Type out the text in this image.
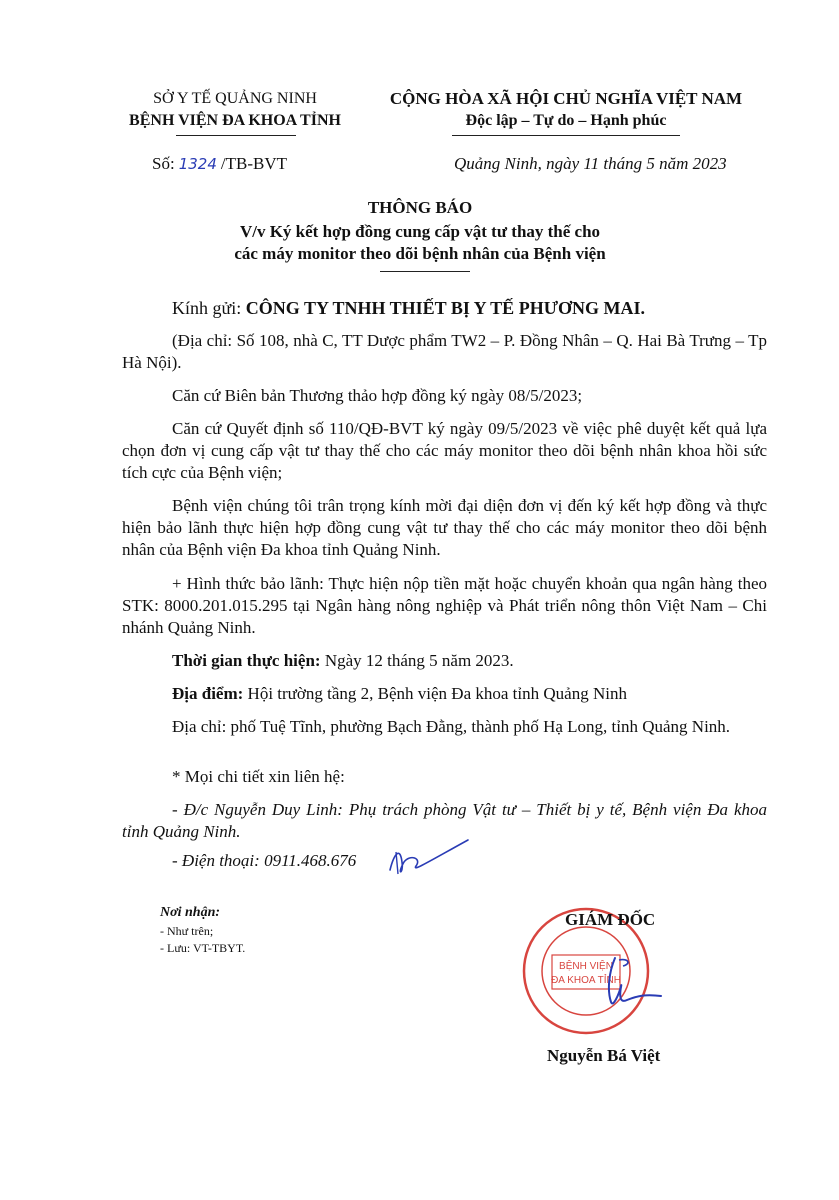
SỞ Y TẾ QUẢNG NINH
BỆNH VIỆN ĐA KHOA TỈNH
CỘNG HÒA XÃ HỘI CHỦ NGHĨA VIỆT NAM
Độc lập – Tự do – Hạnh phúc
Số: 1324 /TB-BVT	Quảng Ninh, ngày 11 tháng 5 năm 2023
THÔNG BÁO
V/v Ký kết hợp đồng cung cấp vật tư thay thế cho
các máy monitor theo dõi bệnh nhân của Bệnh viện
Kính gửi: CÔNG TY TNHH THIẾT BỊ Y TẾ PHƯƠNG MAI.
(Địa chỉ: Số 108, nhà C, TT Dược phẩm TW2 – P. Đồng Nhân – Q. Hai Bà Trưng – Tp Hà Nội).
Căn cứ Biên bản Thương thảo hợp đồng ký ngày 08/5/2023;
Căn cứ Quyết định số 110/QĐ-BVT ký ngày 09/5/2023 về việc phê duyệt kết quả lựa chọn đơn vị cung cấp vật tư thay thế cho các máy monitor theo dõi bệnh nhân khoa hồi sức tích cực của Bệnh viện;
Bệnh viện chúng tôi trân trọng kính mời đại diện đơn vị đến ký kết hợp đồng và thực hiện bảo lãnh thực hiện hợp đồng cung vật tư thay thế cho các máy monitor theo dõi bệnh nhân của Bệnh viện Đa khoa tỉnh Quảng Ninh.
+ Hình thức bảo lãnh: Thực hiện nộp tiền mặt hoặc chuyển khoản qua ngân hàng theo STK: 8000.201.015.295 tại Ngân hàng nông nghiệp và Phát triển nông thôn Việt Nam – Chi nhánh Quảng Ninh.
Thời gian thực hiện: Ngày 12 tháng 5 năm 2023.
Địa điểm: Hội trường tầng 2, Bệnh viện Đa khoa tỉnh Quảng Ninh
Địa chỉ: phố Tuệ Tĩnh, phường Bạch Đằng, thành phố Hạ Long, tỉnh Quảng Ninh.
* Mọi chi tiết xin liên hệ:
- Đ/c Nguyễn Duy Linh: Phụ trách phòng Vật tư – Thiết bị y tế, Bệnh viện Đa khoa tỉnh Quảng Ninh.
- Điện thoại: 0911.468.676
Nơi nhận:
- Như trên;
- Lưu: VT-TBYT.
BỆNH VIỆN
ĐA KHOA TỈNH
GIÁM ĐỐC
Nguyễn Bá Việt
